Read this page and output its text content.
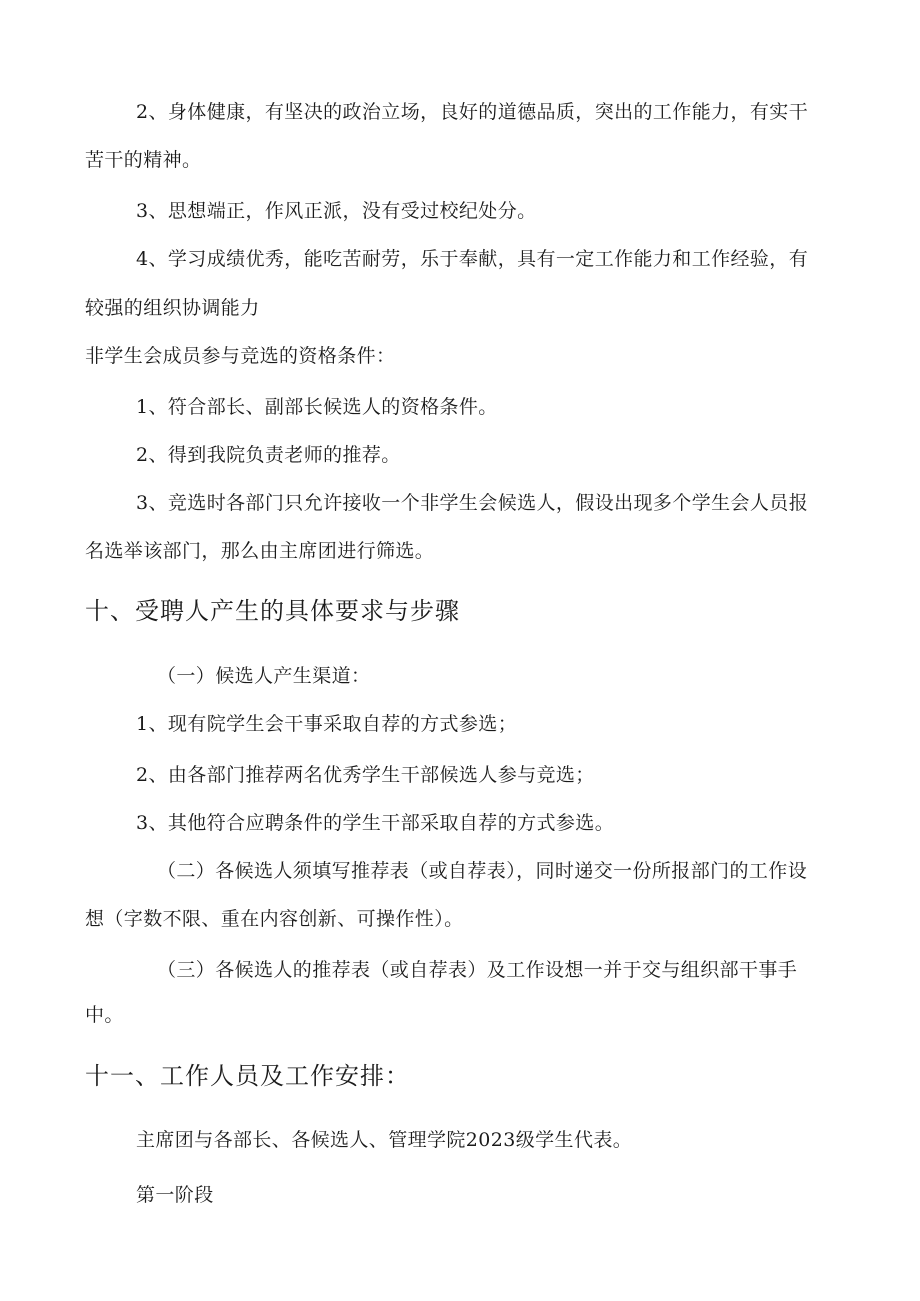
2、身体健康，有坚决的政治立场，良好的道德品质，突出的工作能力，有实干
苦干的精神。
3、思想端正，作风正派，没有受过校纪处分。
4、学习成绩优秀，能吃苦耐劳，乐于奉献，具有一定工作能力和工作经验，有
较强的组织协调能力
非学生会成员参与竞选的资格条件：
1、符合部长、副部长候选人的资格条件。
2、得到我院负责老师的推荐。
3、竞选时各部门只允许接收一个非学生会候选人，假设出现多个学生会人员报
名选举该部门，那么由主席团进行筛选。
十、受聘人产生的具体要求与步骤
（一）候选人产生渠道：
1、现有院学生会干事采取自荐的方式参选；
2、由各部门推荐两名优秀学生干部候选人参与竞选；
3、其他符合应聘条件的学生干部采取自荐的方式参选。
（二）各候选人须填写推荐表（或自荐表），同时递交一份所报部门的工作设
想（字数不限、重在内容创新、可操作性）。
（三）各候选人的推荐表（或自荐表）及工作设想一并于交与组织部干事手
中。
十一、工作人员及工作安排：
主席团与各部长、各候选人、管理学院2023级学生代表。
第一阶段
